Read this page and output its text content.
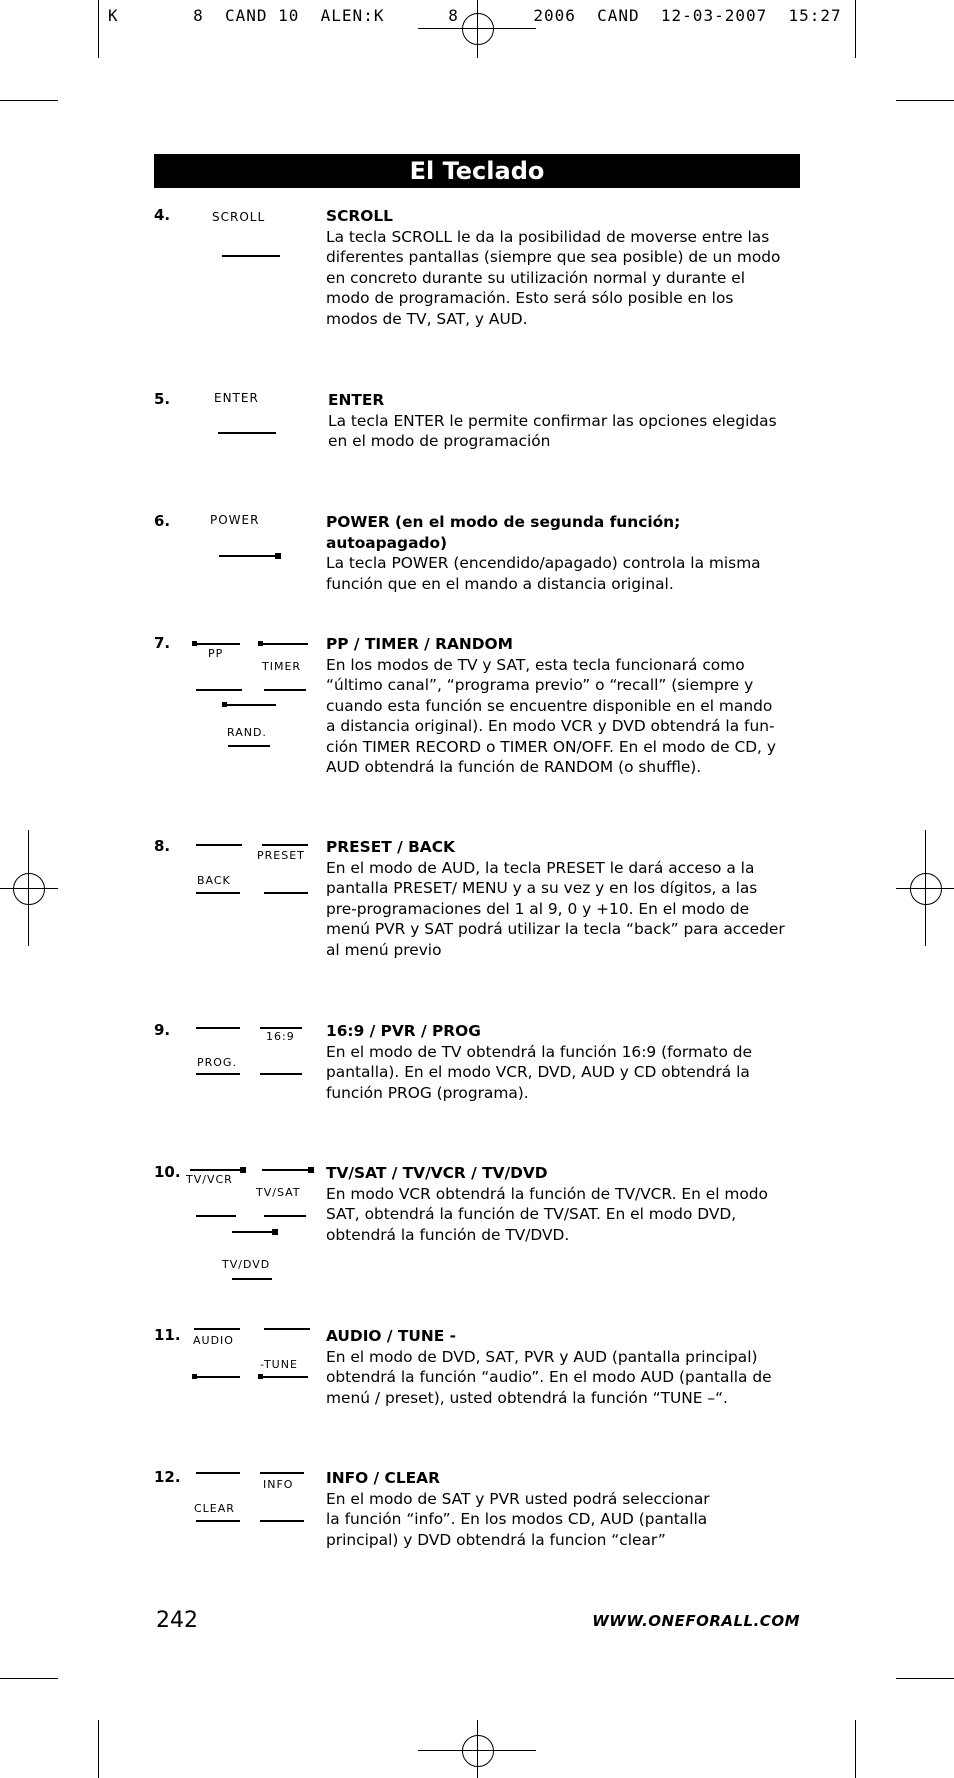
K       8  CAND 10  ALEN:K      8       2006  CAND  12-03-2007  15:27
El Teclado
4.	SCROLL	SCROLL
La tecla SCROLL le da la posibilidad de moverse entre las
diferentes pantallas (siempre que sea posible) de un modo
en concreto durante su utilización normal y durante el
modo de programación. Esto será sólo posible en los
modos de TV, SAT, y AUD.
5.	ENTER	ENTER
La tecla ENTER le permite confirmar las opciones elegidas
en el modo de programación
6.	POWER	POWER (en el modo de segunda función; autoapagado)
La tecla POWER (encendido/apagado) controla la misma
función que en el mando a distancia original.
7.
PP
TIMER
RAND.
PP / TIMER / RANDOM
En los modos de TV y SAT, esta tecla funcionará como
“último canal”, “programa previo” o “recall” (siempre y
cuando esta función se encuentre disponible en el mando
a distancia original). En modo VCR y DVD obtendrá la fun-
ción TIMER RECORD o TIMER ON/OFF. En el modo de CD, y
AUD obtendrá la función de RANDOM (o shuffle).
8.
BACK
PRESET PRESET / BACK
En el modo de AUD, la tecla PRESET le dará acceso a la
pantalla PRESET/ MENU y a su vez y en los dígitos, a las
pre-programaciones del 1 al 9, 0 y +10. En el modo de
menú PVR y SAT podrá utilizar la tecla “back” para acceder
al menú previo
9.
PROG.
16:9 16:9 / PVR / PROG
En el modo de TV obtendrá la función 16:9 (formato de
pantalla). En el modo VCR, DVD, AUD y CD obtendrá la
función PROG (programa).
10. TV/VCR
TV/SAT
TV/DVD
TV/SAT / TV/VCR / TV/DVD
En modo VCR obtendrá la función de TV/VCR. En el modo
SAT, obtendrá la función de TV/SAT. En el modo DVD,
obtendrá la función de TV/DVD.
11. AUDIO
-TUNE
AUDIO / TUNE -
En el modo de DVD, SAT, PVR y AUD (pantalla principal)
obtendrá la función “audio”. En el modo AUD (pantalla de
menú / preset), usted obtendrá la función “TUNE –“.
12.
CLEAR
INFO INFO / CLEAR
En el modo de SAT y PVR usted podrá seleccionar
la función “info”. En los modos CD, AUD (pantalla
principal) y DVD obtendrá la funcion “clear”
242	WWW.ONEFORALL.COM
